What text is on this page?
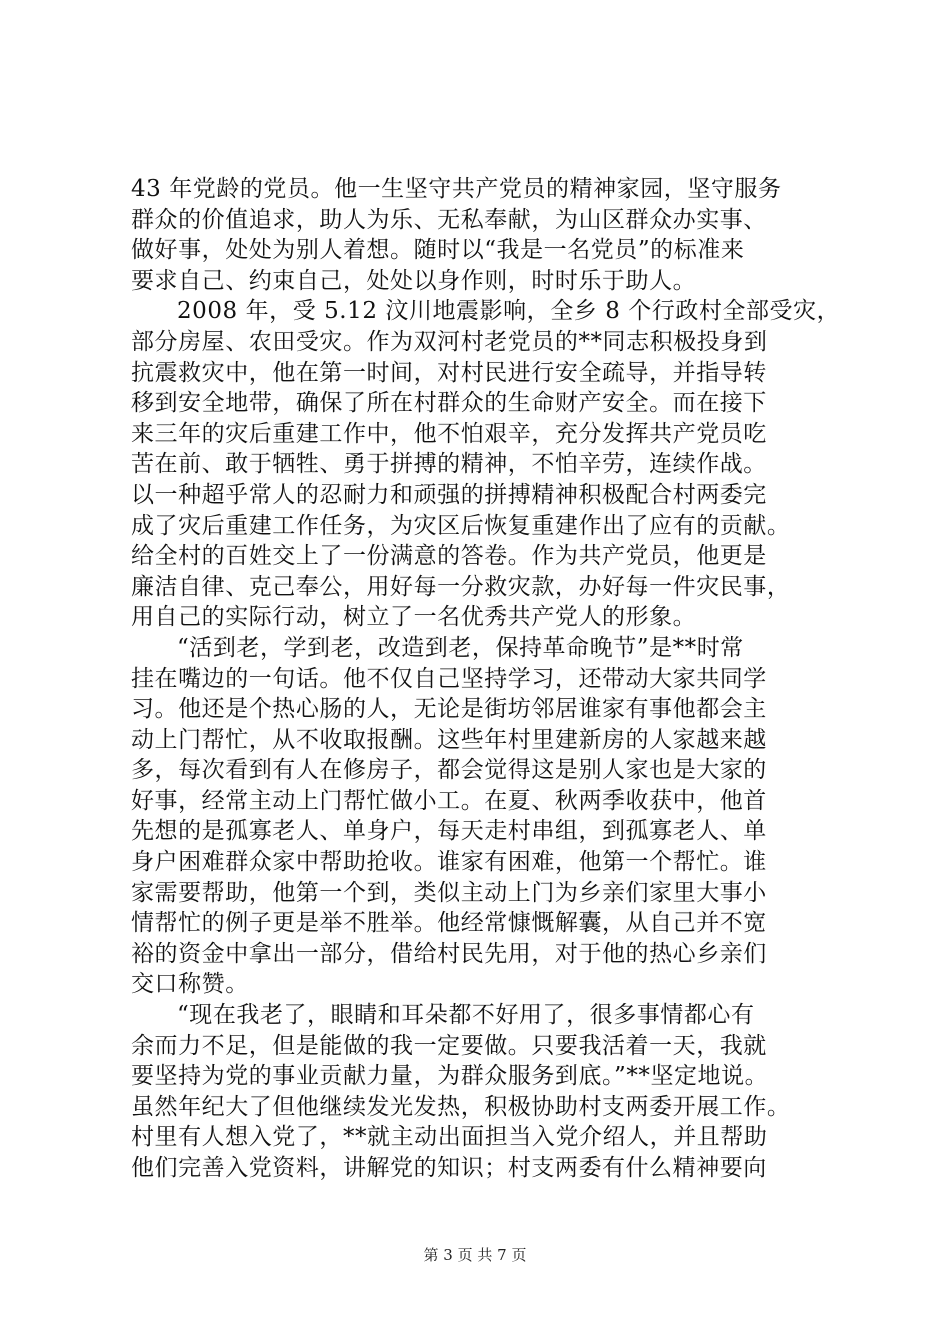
43 年党龄的党员。他一生坚守共产党员的精神家园，坚守服务
群众的价值追求，助人为乐、无私奉献，为山区群众办实事、
做好事，处处为别人着想。随时以“我是一名党员”的标准来
要求自己、约束自己，处处以身作则，时时乐于助人。
2008 年，受 5.12 汶川地震影响，全乡 8 个行政村全部受灾，
部分房屋、农田受灾。作为双河村老党员的**同志积极投身到
抗震救灾中，他在第一时间，对村民进行安全疏导，并指导转
移到安全地带，确保了所在村群众的生命财产安全。而在接下
来三年的灾后重建工作中，他不怕艰辛，充分发挥共产党员吃
苦在前、敢于牺牲、勇于拼搏的精神，不怕辛劳，连续作战。
以一种超乎常人的忍耐力和顽强的拼搏精神积极配合村两委完
成了灾后重建工作任务，为灾区后恢复重建作出了应有的贡献。
给全村的百姓交上了一份满意的答卷。作为共产党员，他更是
廉洁自律、克己奉公，用好每一分救灾款，办好每一件灾民事，
用自己的实际行动，树立了一名优秀共产党人的形象。
“活到老，学到老，改造到老，保持革命晚节”是**时常
挂在嘴边的一句话。他不仅自己坚持学习，还带动大家共同学
习。他还是个热心肠的人，无论是街坊邻居谁家有事他都会主
动上门帮忙，从不收取报酬。这些年村里建新房的人家越来越
多，每次看到有人在修房子，都会觉得这是别人家也是大家的
好事，经常主动上门帮忙做小工。在夏、秋两季收获中，他首
先想的是孤寡老人、单身户，每天走村串组，到孤寡老人、单
身户困难群众家中帮助抢收。谁家有困难，他第一个帮忙。谁
家需要帮助，他第一个到，类似主动上门为乡亲们家里大事小
情帮忙的例子更是举不胜举。他经常慷慨解囊，从自己并不宽
裕的资金中拿出一部分，借给村民先用，对于他的热心乡亲们
交口称赞。
“现在我老了，眼睛和耳朵都不好用了，很多事情都心有
余而力不足，但是能做的我一定要做。只要我活着一天，我就
要坚持为党的事业贡献力量，为群众服务到底。”**坚定地说。
虽然年纪大了但他继续发光发热，积极协助村支两委开展工作。
村里有人想入党了，**就主动出面担当入党介绍人，并且帮助
他们完善入党资料，讲解党的知识；村支两委有什么精神要向
第 3 页 共 7 页
